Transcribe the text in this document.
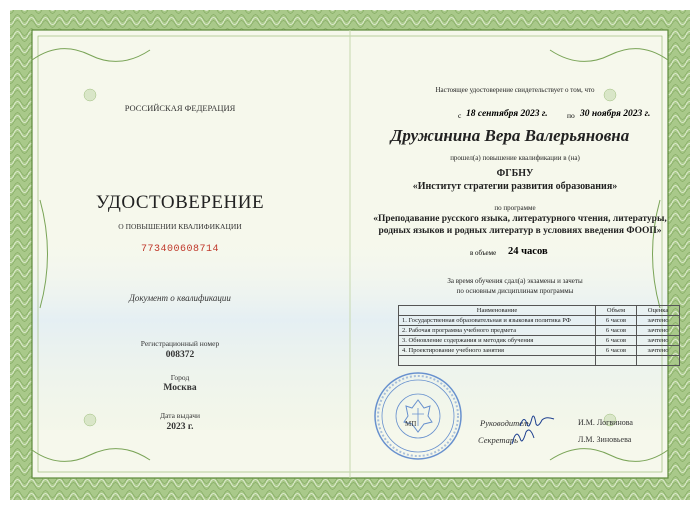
РОССИЙСКАЯ ФЕДЕРАЦИЯ
УДОСТОВЕРЕНИЕ
О ПОВЫШЕНИИ КВАЛИФИКАЦИИ
773400608714
Документ о квалификации
Регистрационный номер
008372
Город
Москва
Дата выдачи
2023 г.
Настоящее удостоверение свидетельствует о том, что
с 18 сентября 2023 г.	по 30 ноября 2023 г.
Дружинина Вера Валерьяновна
прошел(а) повышение квалификации в (на)
ФГБНУ
«Институт стратегии развития образования»
по программе
«Преподавание русского языка, литературного чтения, литературы,
родных языков и родных литератур в условиях введения ФООП»
в объеме 24 часов
За время обучения сдал(а) экзамены и зачеты
по основным дисциплинам программы
Наименование	Объем	Оценка
1. Государственная образовательная и языковая политика РФ	6 часов	зачтено
2. Рабочая программа учебного предмета	6 часов	зачтено
3. Обновление содержания и методик обучения	6 часов	зачтено
4. Проектирование учебного занятия	6 часов	зачтено

МП	Руководитель	И.М. Логвинова
Секретарь	Л.М. Зиновьева
